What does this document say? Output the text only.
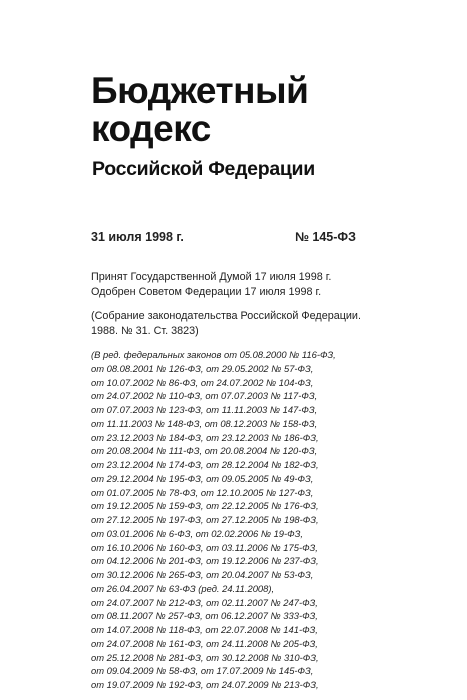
Бюджетный
кодекс
Российской Федерации
31 июля 1998 г.	№ 145-ФЗ
Принят Государственной Думой 17 июля 1998 г.
Одобрен Советом Федерации 17 июля 1998 г.
(Собрание законодательства Российской Федерации.
1988. № 31. Ст. 3823)
(В ред. федеральных законов от 05.08.2000 № 116-ФЗ,
от 08.08.2001 № 126-ФЗ, от 29.05.2002 № 57-ФЗ,
от 10.07.2002 № 86-ФЗ, от 24.07.2002 № 104-ФЗ,
от 24.07.2002 № 110-ФЗ, от 07.07.2003 № 117-ФЗ,
от 07.07.2003 № 123-ФЗ, от 11.11.2003 № 147-ФЗ,
от 11.11.2003 № 148-ФЗ, от 08.12.2003 № 158-ФЗ,
от 23.12.2003 № 184-ФЗ, от 23.12.2003 № 186-ФЗ,
от 20.08.2004 № 111-ФЗ, от 20.08.2004 № 120-ФЗ,
от 23.12.2004 № 174-ФЗ, от 28.12.2004 № 182-ФЗ,
от 29.12.2004 № 195-ФЗ, от 09.05.2005 № 49-ФЗ,
от 01.07.2005 № 78-ФЗ, от 12.10.2005 № 127-ФЗ,
от 19.12.2005 № 159-ФЗ, от 22.12.2005 № 176-ФЗ,
от 27.12.2005 № 197-ФЗ, от 27.12.2005 № 198-ФЗ,
от 03.01.2006 № 6-ФЗ, от 02.02.2006 № 19-ФЗ,
от 16.10.2006 № 160-ФЗ, от 03.11.2006 № 175-ФЗ,
от 04.12.2006 № 201-ФЗ, от 19.12.2006 № 237-ФЗ,
от 30.12.2006 № 265-ФЗ, от 20.04.2007 № 53-ФЗ,
от 26.04.2007 № 63-ФЗ (ред. 24.11.2008),
от 24.07.2007 № 212-ФЗ, от 02.11.2007 № 247-ФЗ,
от 08.11.2007 № 257-ФЗ, от 06.12.2007 № 333-ФЗ,
от 14.07.2008 № 118-ФЗ, от 22.07.2008 № 141-ФЗ,
от 24.07.2008 № 161-ФЗ, от 24.11.2008 № 205-ФЗ,
от 25.12.2008 № 281-ФЗ, от 30.12.2008 № 310-ФЗ,
от 09.04.2009 № 58-ФЗ, от 17.07.2009 № 145-ФЗ,
от 19.07.2009 № 192-ФЗ, от 24.07.2009 № 213-ФЗ,
